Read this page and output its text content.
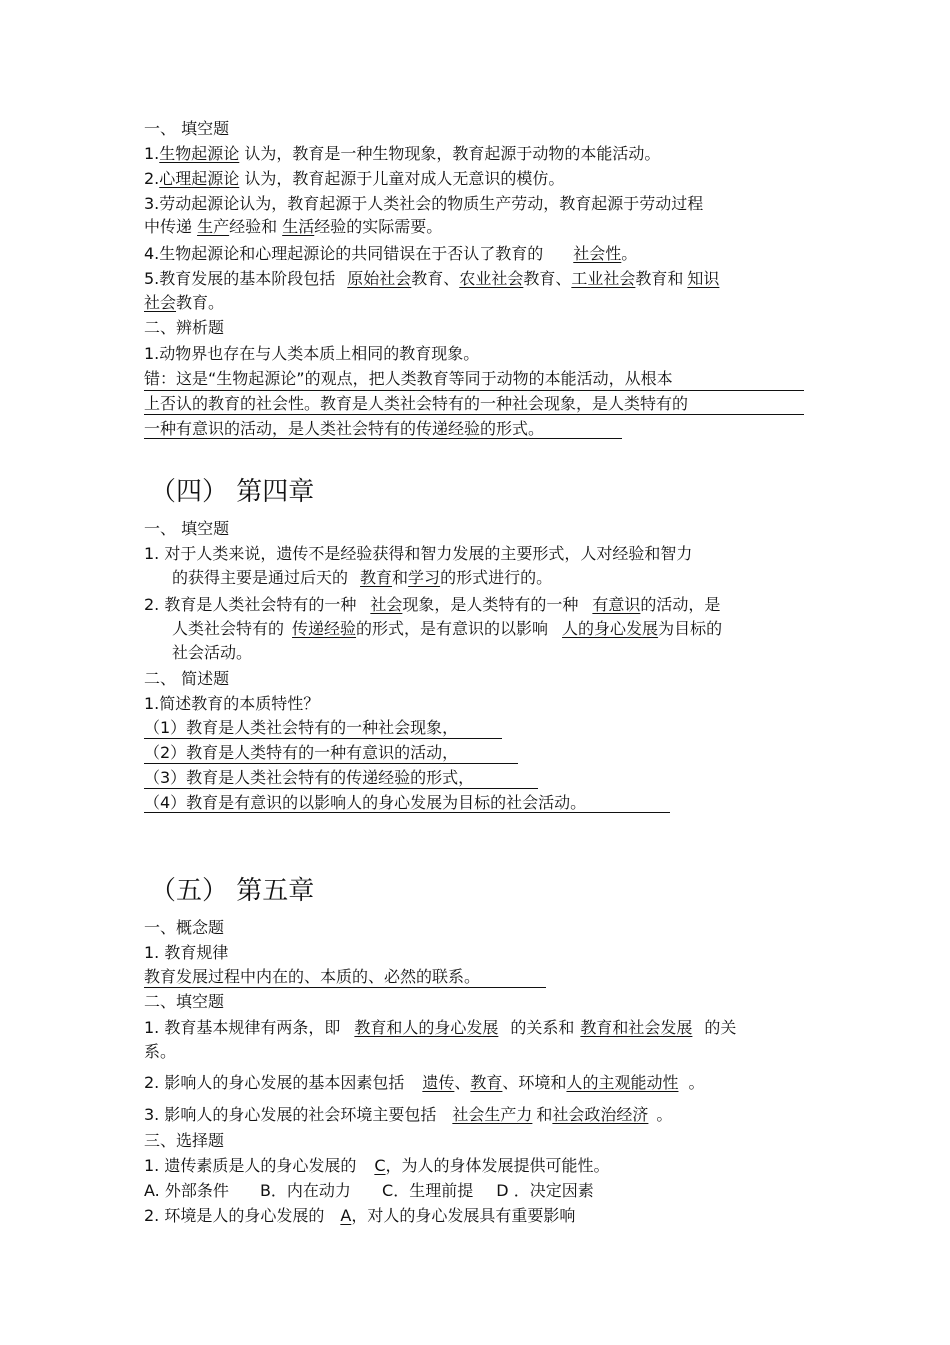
一、 填空题
1.生物起源论 认为，教育是一种生物现象，教育起源于动物的本能活动。
2.心理起源论 认为，教育起源于儿童对成人无意识的模仿。
3.劳动起源论认为，教育起源于人类社会的物质生产劳动，教育起源于劳动过程
中传递 生产经验和 生活经验的实际需要。
4.生物起源论和心理起源论的共同错误在于否认了教育的 社会性。
5.教育发展的基本阶段包括 原始社会教育、农业社会教育、工业社会教育和 知识
社会教育。
二、辨析题
1.动物界也存在与人类本质上相同的教育现象。
错：这是“生物起源论”的观点，把人类教育等同于动物的本能活动，从根本
上否认的教育的社会性。教育是人类社会特有的一种社会现象，是人类特有的
一种有意识的活动，是人类社会特有的传递经验的形式。
（四） 第四章
一、 填空题
1. 对于人类来说，遗传不是经验获得和智力发展的主要形式，人对经验和智力
的获得主要是通过后天的 教育和学习的形式进行的。
2. 教育是人类社会特有的一种 社会现象，是人类特有的一种 有意识的活动，是
人类社会特有的 传递经验的形式，是有意识的以影响 人的身心发展为目标的
社会活动。
二、 简述题
1.简述教育的本质特性？
（1）教育是人类社会特有的一种社会现象，
（2）教育是人类特有的一种有意识的活动，
（3）教育是人类社会特有的传递经验的形式，
（4）教育是有意识的以影响人的身心发展为目标的社会活动。
（五） 第五章
一、概念题
1. 教育规律
教育发展过程中内在的、本质的、必然的联系。
二、填空题
1. 教育基本规律有两条，即 教育和人的身心发展 的关系和 教育和社会发展 的关
系。
2. 影响人的身心发展的基本因素包括 遗传、教育、环境和人的主观能动性 。
3. 影响人的身心发展的社会环境主要包括 社会生产力 和社会政治经济 。
三、选择题
1. 遗传素质是人的身心发展的 C，为人的身体发展提供可能性。
A. 外部条件 B．内在动力 C．生理前提 D ．决定因素
2. 环境是人的身心发展的 A，对人的身心发展具有重要影响
